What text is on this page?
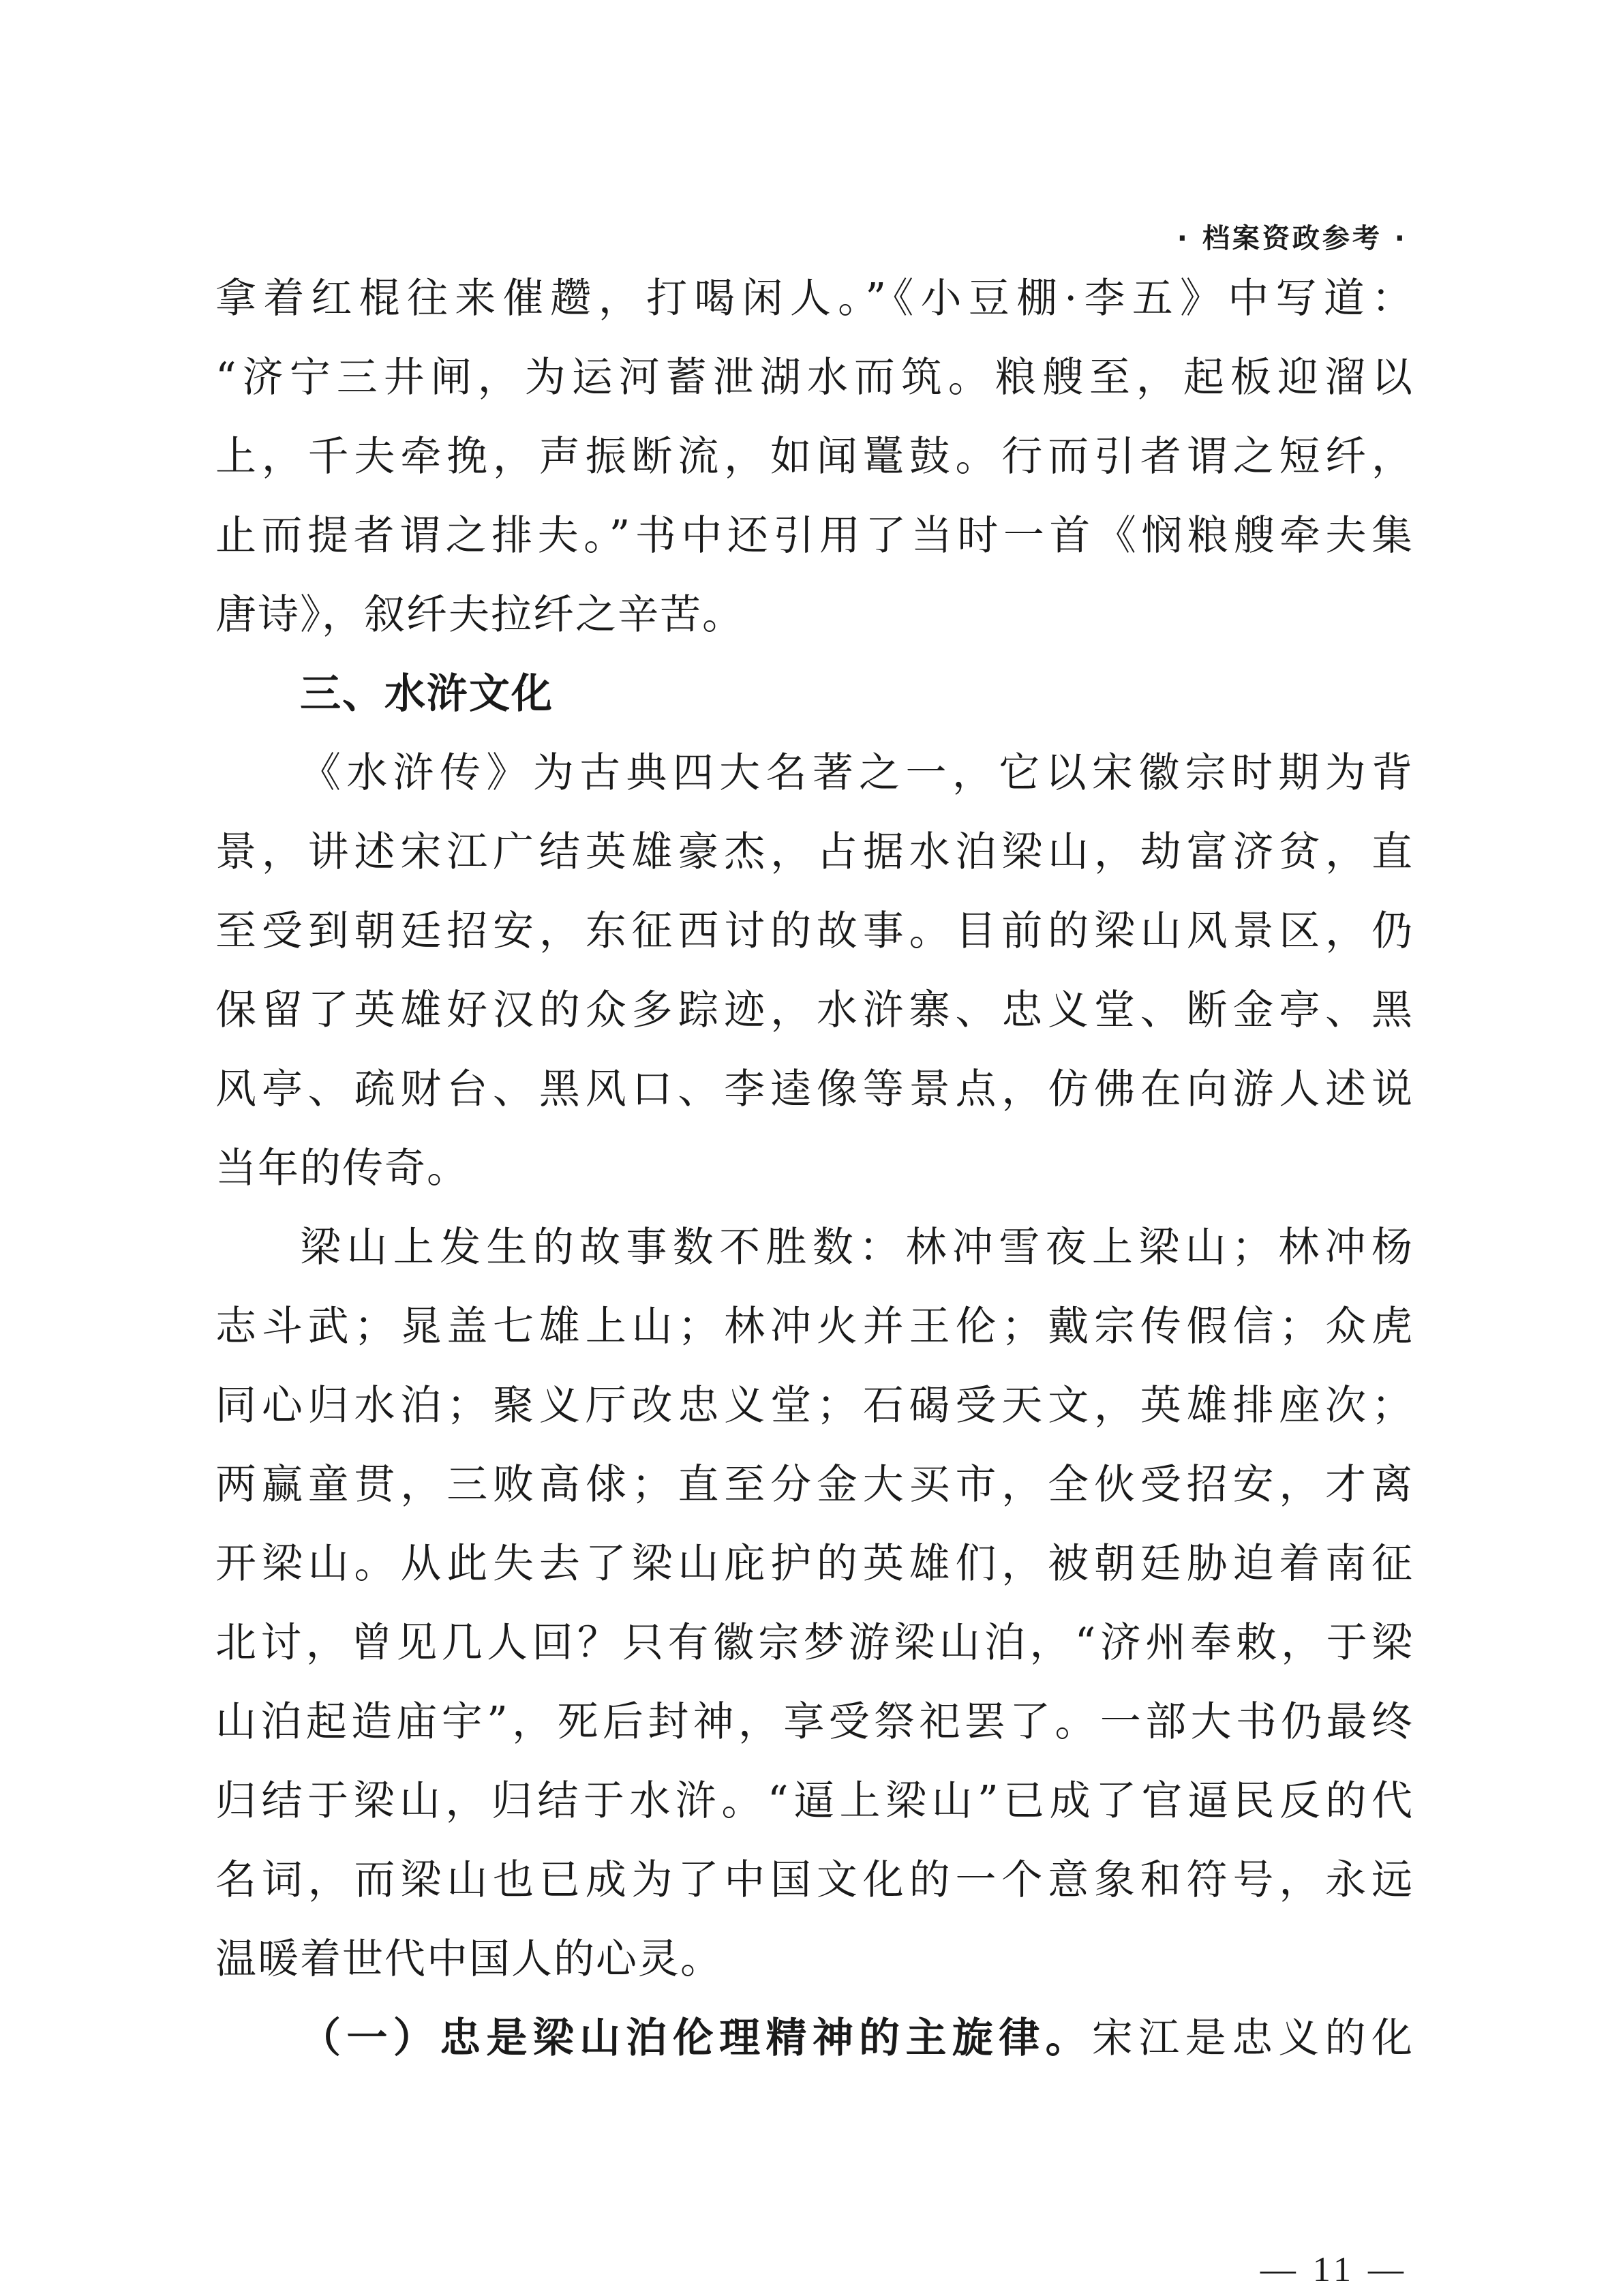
· 档案资政参考 ·
拿着红棍往来催趱，打喝闲人。”《小豆棚·李五》中写道：
“济宁三井闸，为运河蓄泄湖水而筑。粮艘至，起板迎溜以
上，千夫牵挽，声振断流，如闻鼍鼓。行而引者谓之短纤，
止而提者谓之排夫。”书中还引用了当时一首《悯粮艘牵夫集
唐诗》，叙纤夫拉纤之辛苦。
三、水浒文化
《水浒传》为古典四大名著之一，它以宋徽宗时期为背
景，讲述宋江广结英雄豪杰，占据水泊梁山，劫富济贫，直
至受到朝廷招安，东征西讨的故事。目前的梁山风景区，仍
保留了英雄好汉的众多踪迹，水浒寨、忠义堂、断金亭、黑
风亭、疏财台、黑风口、李逵像等景点，仿佛在向游人述说
当年的传奇。
梁山上发生的故事数不胜数：林冲雪夜上梁山；林冲杨
志斗武；晁盖七雄上山；林冲火并王伦；戴宗传假信；众虎
同心归水泊；聚义厅改忠义堂；石碣受天文，英雄排座次；
两赢童贯，三败高俅；直至分金大买市，全伙受招安，才离
开梁山。从此失去了梁山庇护的英雄们，被朝廷胁迫着南征
北讨，曾见几人回？只有徽宗梦游梁山泊，“济州奉敕，于梁
山泊起造庙宇”，死后封神，享受祭祀罢了。一部大书仍最终
归结于梁山，归结于水浒。“逼上梁山”已成了官逼民反的代
名词，而梁山也已成为了中国文化的一个意象和符号，永远
温暖着世代中国人的心灵。
（一）忠是梁山泊伦理精神的主旋律。宋江是忠义的化
— 11 —
